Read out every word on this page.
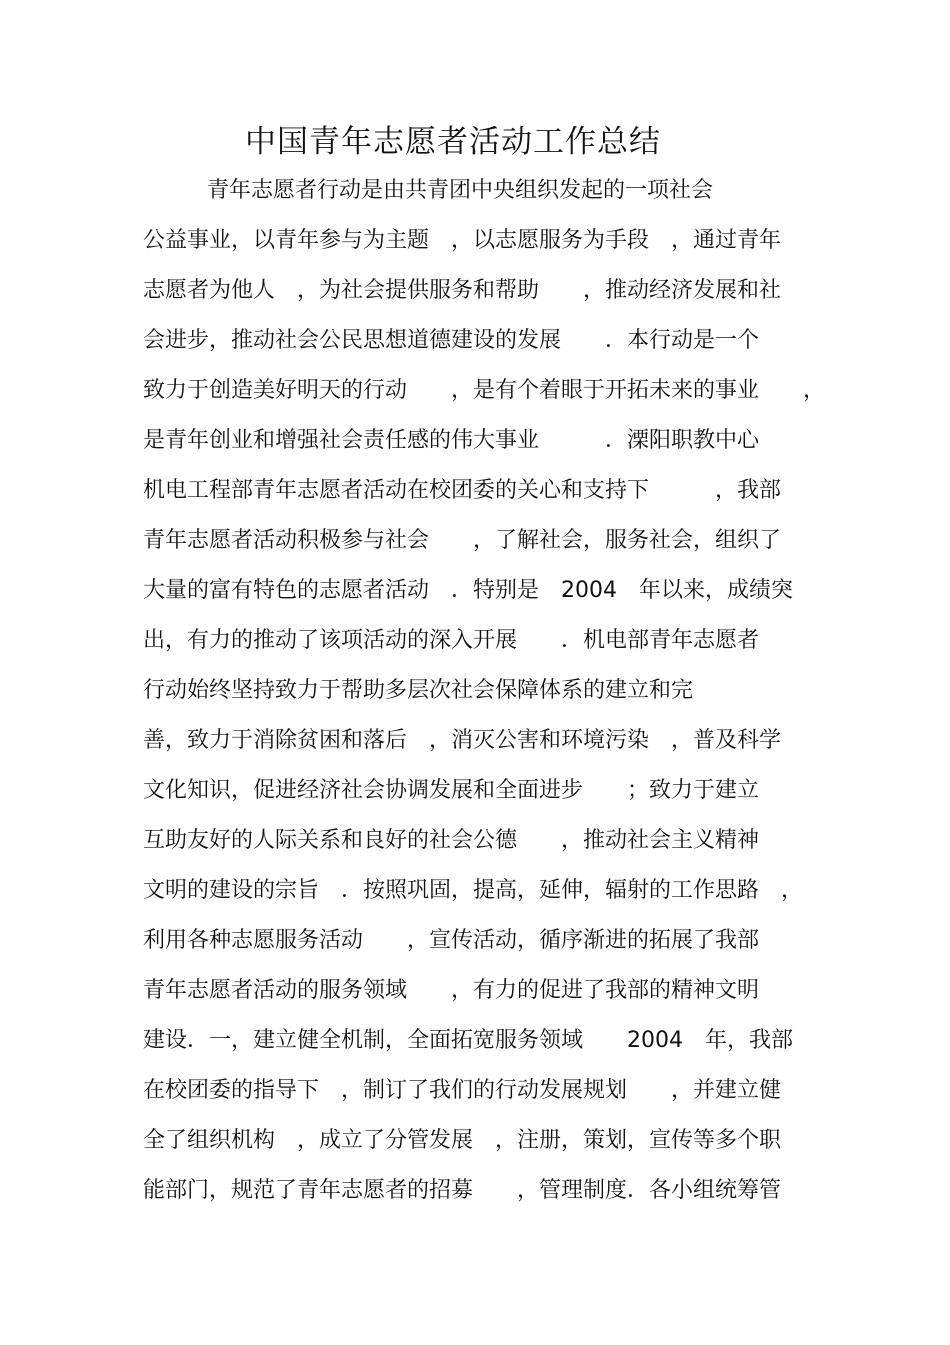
中国青年志愿者活动工作总结
青年志愿者行动是由共青团中央组织发起的一项社会
公益事业，以青年参与为主题　，以志愿服务为手段　，通过青年
志愿者为他人　，为社会提供服务和帮助　　，推动经济发展和社
会进步，推动社会公民思想道德建设的发展　　．本行动是一个
致力于创造美好明天的行动　　，是有个着眼于开拓未来的事业　　，
是青年创业和增强社会责任感的伟大事业　　　．溧阳职教中心
机电工程部青年志愿者活动在校团委的关心和支持下　　　，我部
青年志愿者活动积极参与社会　　，了解社会，服务社会，组织了
大量的富有特色的志愿者活动　．特别是　2004　年以来，成绩突
出，有力的推动了该项活动的深入开展　　．机电部青年志愿者
行动始终坚持致力于帮助多层次社会保障体系的建立和完
善，致力于消除贫困和落后　，消灭公害和环境污染　，普及科学
文化知识，促进经济社会协调发展和全面进步　　；致力于建立
互助友好的人际关系和良好的社会公德　　，推动社会主义精神
文明的建设的宗旨　．按照巩固，提高，延伸，辐射的工作思路　，
利用各种志愿服务活动　　，宣传活动，循序渐进的拓展了我部
青年志愿者活动的服务领域　　，有力的促进了我部的精神文明
建设．一，建立健全机制，全面拓宽服务领域　　2004　年，我部
在校团委的指导下　，制订了我们的行动发展规划　　，并建立健
全了组织机构　，成立了分管发展　，注册，策划，宣传等多个职
能部门，规范了青年志愿者的招募　　，管理制度．各小组统筹管
